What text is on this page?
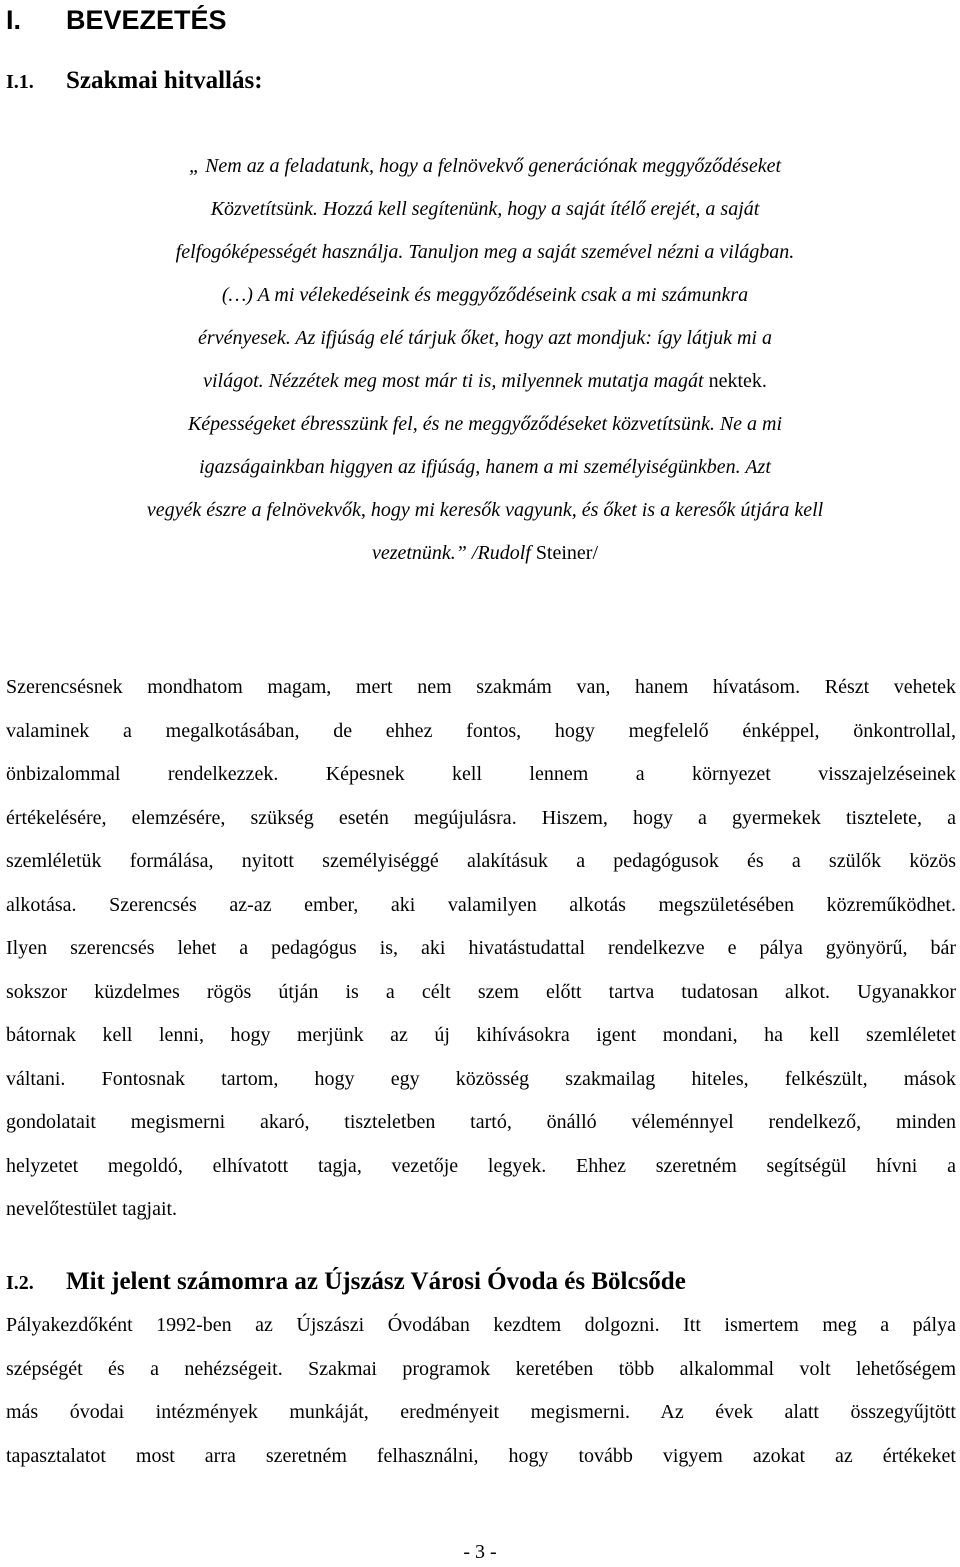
I. BEVEZETÉS
I.1. Szakmai hitvallás:
„ Nem az a feladatunk, hogy a felnövekvő generációnak meggyőződéseket
Közvetítsünk. Hozzá kell segítenünk, hogy a saját ítélő erejét, a saját
felfogóképességét használja. Tanuljon meg a saját szemével nézni a világban.
(…) A mi vélekedéseink és meggyőződéseink csak a mi számunkra
érvényesek. Az ifjúság elé tárjuk őket, hogy azt mondjuk: így látjuk mi a
világot. Nézzétek meg most már ti is, milyennek mutatja magát nektek.
Képességeket ébresszünk fel, és ne meggyőződéseket közvetítsünk. Ne a mi
igazságainkban higgyen az ifjúság, hanem a mi személyiségünkben. Azt
vegyék észre a felnövekvők, hogy mi keresők vagyunk, és őket is a keresők útjára kell
vezetnünk.” /Rudolf Steiner/
Szerencsésnek mondhatom magam, mert nem szakmám van, hanem hívatásom. Részt vehetek
valaminek a megalkotásában, de ehhez fontos, hogy megfelelő énképpel, önkontrollal,
önbizalommal rendelkezzek. Képesnek kell lennem a környezet visszajelzéseinek
értékelésére, elemzésére, szükség esetén megújulásra. Hiszem, hogy a gyermekek tisztelete, a
szemléletük formálása, nyitott személyiséggé alakításuk a pedagógusok és a szülők közös
alkotása. Szerencsés az-az ember, aki valamilyen alkotás megszületésében közreműködhet.
Ilyen szerencsés lehet a pedagógus is, aki hivatástudattal rendelkezve e pálya gyönyörű, bár
sokszor küzdelmes rögös útján is a célt szem előtt tartva tudatosan alkot. Ugyanakkor
bátornak kell lenni, hogy merjünk az új kihívásokra igent mondani, ha kell szemléletet
váltani. Fontosnak tartom, hogy egy közösség szakmailag hiteles, felkészült, mások
gondolatait megismerni akaró, tiszteletben tartó, önálló véleménnyel rendelkező, minden
helyzetet megoldó, elhívatott tagja, vezetője legyek. Ehhez szeretném segítségül hívni a
nevelőtestület tagjait.
I.2. Mit jelent számomra az Újszász Városi Óvoda és Bölcsőde
Pályakezdőként 1992-ben az Újszászi Óvodában kezdtem dolgozni. Itt ismertem meg a pálya
szépségét és a nehézségeit. Szakmai programok keretében több alkalommal volt lehetőségem
más óvodai intézmények munkáját, eredményeit megismerni. Az évek alatt összegyűjtött
tapasztalatot most arra szeretném felhasználni, hogy tovább vigyem azokat az értékeket
- 3 -
